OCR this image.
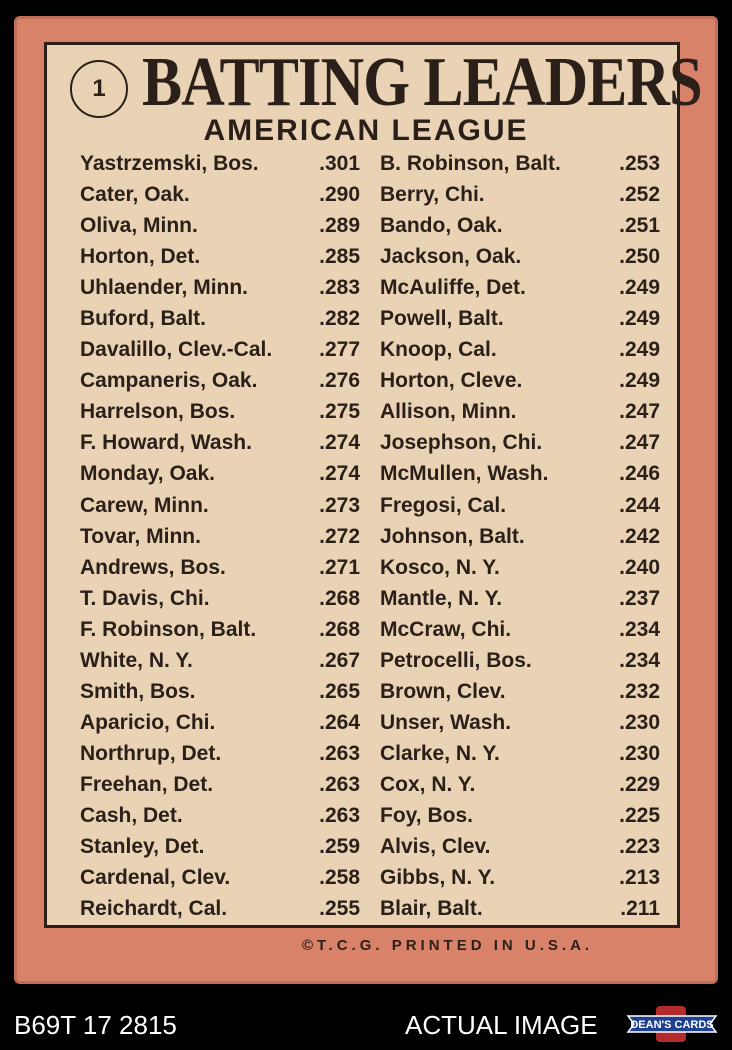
1 BATTING LEADERS
AMERICAN LEAGUE
Yastrzemski, Bos.	.301
Cater, Oak.	.290
Oliva, Minn.	.289
Horton, Det.	.285
Uhlaender, Minn.	.283
Buford, Balt.	.282
Davalillo, Clev.-Cal. .277
Campaneris, Oak.	.276
Harrelson, Bos.	.275
F. Howard, Wash.	.274
Monday, Oak.	.274
Carew, Minn.	.273
Tovar, Minn.	.272
Andrews, Bos.	.271
T. Davis, Chi.	.268
F. Robinson, Balt.	.268
White, N. Y.	.267
Smith, Bos.	.265
Aparicio, Chi.	.264
Northrup, Det.	.263
Freehan, Det.	.263
Cash, Det.	.263
Stanley, Det.	.259
Cardenal, Clev.	.258
Reichardt, Cal.	.255
B. Robinson, Balt.	.253
Berry, Chi.	.252
Bando, Oak.	.251
Jackson, Oak.	.250
McAuliffe, Det.	.249
Powell, Balt.	.249
Knoop, Cal.	.249
Horton, Cleve.	.249
Allison, Minn.	.247
Josephson, Chi.	.247
McMullen, Wash.	.246
Fregosi, Cal.	.244
Johnson, Balt.	.242
Kosco, N. Y.	.240
Mantle, N. Y.	.237
McCraw, Chi.	.234
Petrocelli, Bos.	.234
Brown, Clev.	.232
Unser, Wash.	.230
Clarke, N. Y.	.230
Cox, N. Y.	.229
Foy, Bos.	.225
Alvis, Clev.	.223
Gibbs, N. Y.	.213
Blair, Balt.	.211
©T.C.G. PRINTED IN U.S.A.
B69T 17 2815	ACTUAL IMAGE	DEAN'S CARDS
